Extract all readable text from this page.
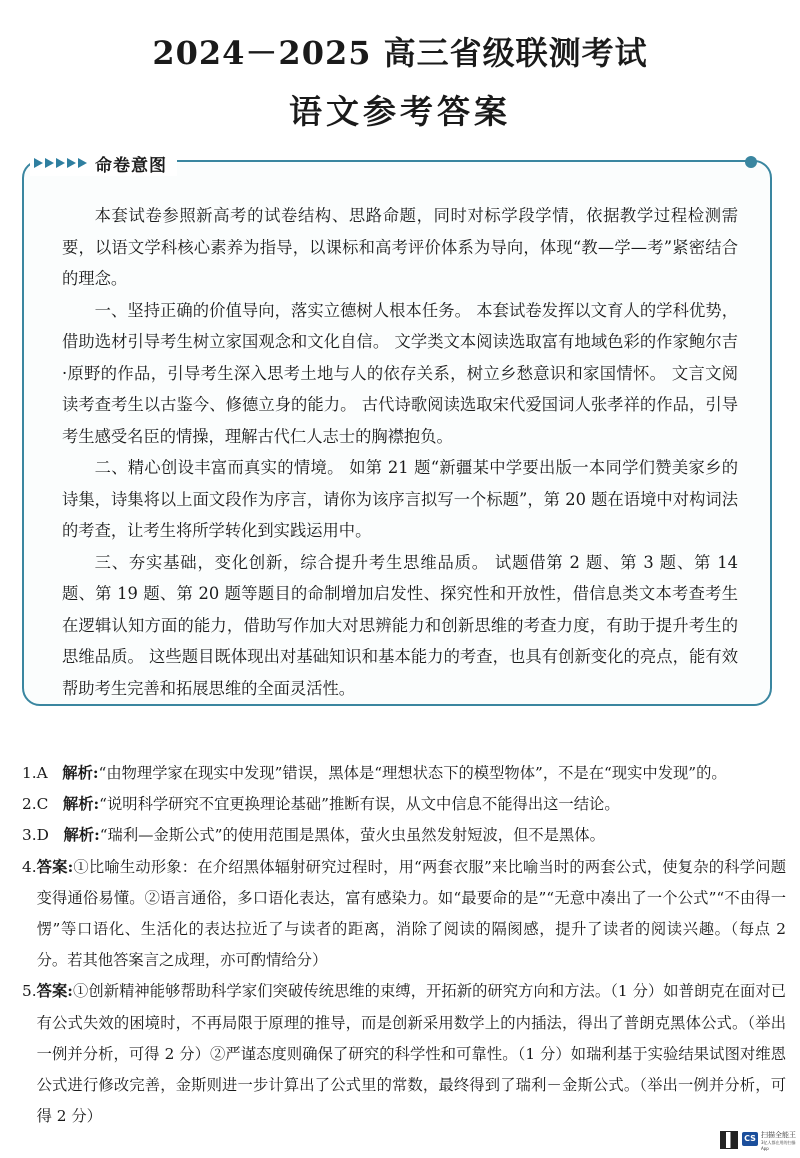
2024－2025 高三省级联测考试
语文参考答案
命卷意图

本套试卷参照新高考的试卷结构、思路命题，同时对标学段学情，依据教学过程检测需要，以语文学科核心素养为指导，以课标和高考评价体系为导向，体现“教—学—考”紧密结合的理念。

一、坚持正确的价值导向，落实立德树人根本任务。 本套试卷发挥以文育人的学科优势，借助选材引导考生树立家国观念和文化自信。 文学类文本阅读选取富有地域色彩的作家鲍尔吉·原野的作品，引导考生深入思考土地与人的依存关系，树立乡愁意识和家国情怀。 文言文阅读考查考生以古鉴今、修德立身的能力。 古代诗歌阅读选取宋代爱国词人张孝祥的作品，引导考生感受名臣的情操，理解古代仁人志士的胸襟抱负。

二、精心创设丰富而真实的情境。 如第 21 题“新疆某中学要出版一本同学们赞美家乡的诗集，诗集将以上面文段作为序言，请你为该序言拟写一个标题”，第 20 题在语境中对构词法的考查，让考生将所学转化到实践运用中。

三、夯实基础，变化创新，综合提升考生思维品质。 试题借第 2 题、第 3 题、第 14 题、第 19 题、第 20 题等题目的命制增加启发性、探究性和开放性，借信息类文本考查考生在逻辑认知方面的能力，借助写作加大对思辨能力和创新思维的考查力度，有助于提升考生的思维品质。 这些题目既体现出对基础知识和基本能力的考查，也具有创新变化的亮点，能有效帮助考生完善和拓展思维的全面灵活性。

1.A 解析:“由物理学家在现实中发现”错误，黑体是“理想状态下的模型物体”，不是在“现实中发现”的。
2.C 解析:“说明科学研究不宜更换理论基础”推断有误，从文中信息不能得出这一结论。
3.D 解析:“瑞利—金斯公式”的使用范围是黑体，萤火虫虽然发射短波，但不是黑体。
4. 答案:①比喻生动形象：在介绍黑体辐射研究过程时，用“两套衣服”来比喻当时的两套公式，使复杂的科学问题变得通俗易懂。②语言通俗，多口语化表达，富有感染力。如“最要命的是”“无意中凑出了一个公式”“不由得一愣”等口语化、生活化的表达拉近了与读者的距离，消除了阅读的隔阂感，提升了读者的阅读兴趣。（每点 2 分。若其他答案言之成理，亦可酌情给分）
5. 答案:①创新精神能够帮助科学家们突破传统思维的束缚，开拓新的研究方向和方法。（1 分）如普朗克在面对已有公式失效的困境时，不再局限于原理的推导，而是创新采用数学上的内插法，得出了普朗克黑体公式。（举出一例并分析，可得 2 分）②严谨态度则确保了研究的科学性和可靠性。（1 分）如瑞利基于实验结果试图对维恩公式进行修改完善，金斯则进一步计算出了公式里的常数，最终得到了瑞利－金斯公式。（举出一例并分析，可得 2 分）
CS 扫描全能王
3亿人都在用的扫描App
